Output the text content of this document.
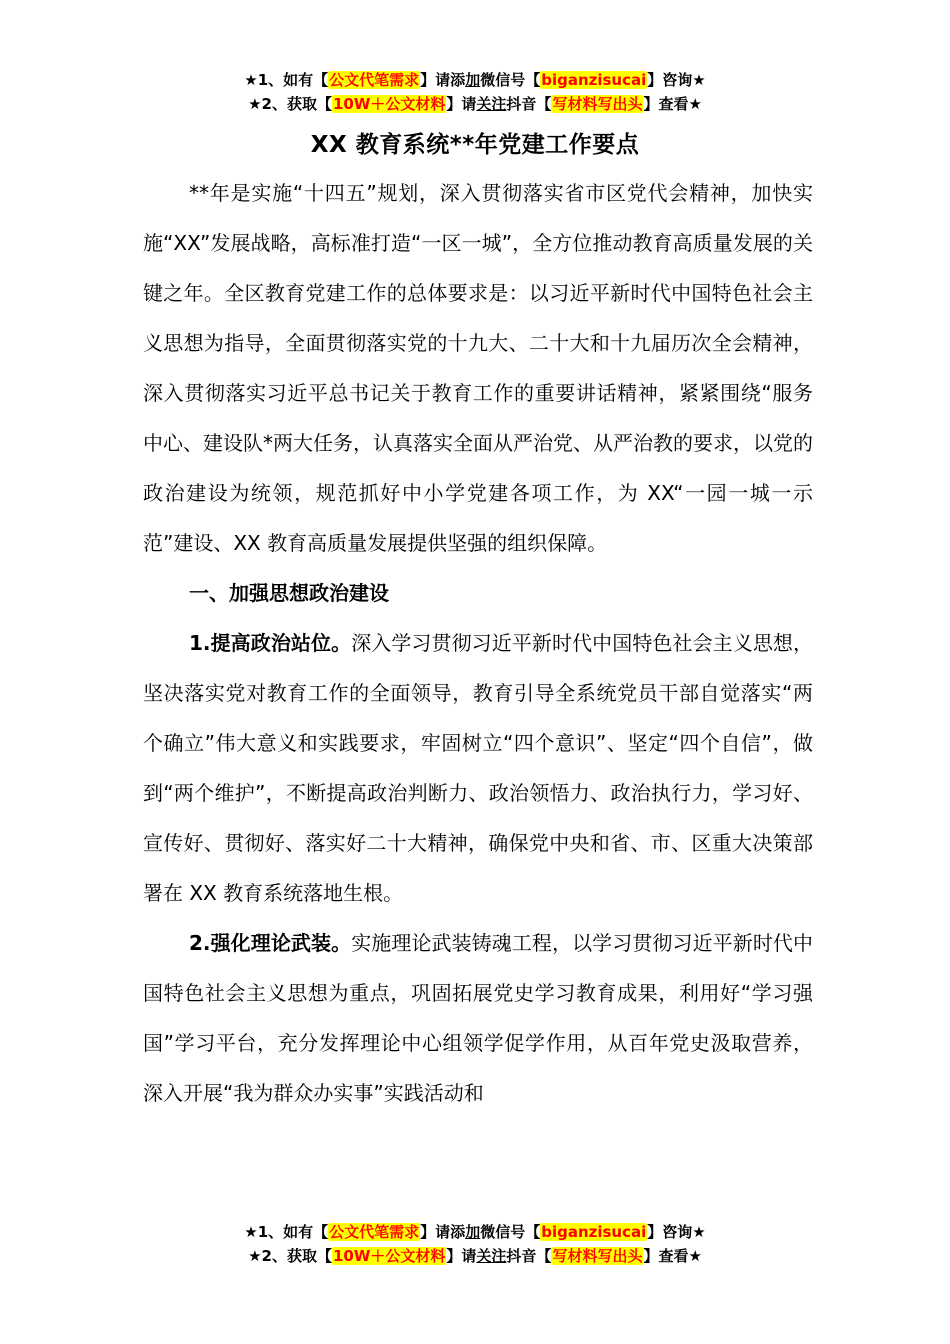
★1、如有【公文代笔需求】请添加微信号【biganzisucai】咨询★
★2、获取【10W＋公文材料】请关注抖音【写材料写出头】查看★
XX 教育系统**年党建工作要点

**年是实施“十四五”规划，深入贯彻落实省市区党代会精神，加快实施“XX”发展战略，高标准打造“一区一城”，全方位推动教育高质量发展的关键之年。全区教育党建工作的总体要求是：以习近平新时代中国特色社会主义思想为指导，全面贯彻落实党的十九大、二十大和十九届历次全会精神，深入贯彻落实习近平总书记关于教育工作的重要讲话精神，紧紧围绕“服务中心、建设队*两大任务，认真落实全面从严治党、从严治教的要求，以党的政治建设为统领，规范抓好中小学党建各项工作，为 XX“一园一城一示范”建设、XX 教育高质量发展提供坚强的组织保障。

一、加强思想政治建设

1.提高政治站位。深入学习贯彻习近平新时代中国特色社会主义思想，坚决落实党对教育工作的全面领导，教育引导全系统党员干部自觉落实“两个确立”伟大意义和实践要求，牢固树立“四个意识”、坚定“四个自信”，做到“两个维护”，不断提高政治判断力、政治领悟力、政治执行力，学习好、宣传好、贯彻好、落实好二十大精神，确保党中央和省、市、区重大决策部署在 XX 教育系统落地生根。

2.强化理论武装。实施理论武装铸魂工程，以学习贯彻习近平新时代中国特色社会主义思想为重点，巩固拓展党史学习教育成果，利用好“学习强国”学习平台，充分发挥理论中心组领学促学作用，从百年党史汲取营养，深入开展“我为群众办实事”实践活动和

★1、如有【公文代笔需求】请添加微信号【biganzisucai】咨询★
★2、获取【10W＋公文材料】请关注抖音【写材料写出头】查看★
